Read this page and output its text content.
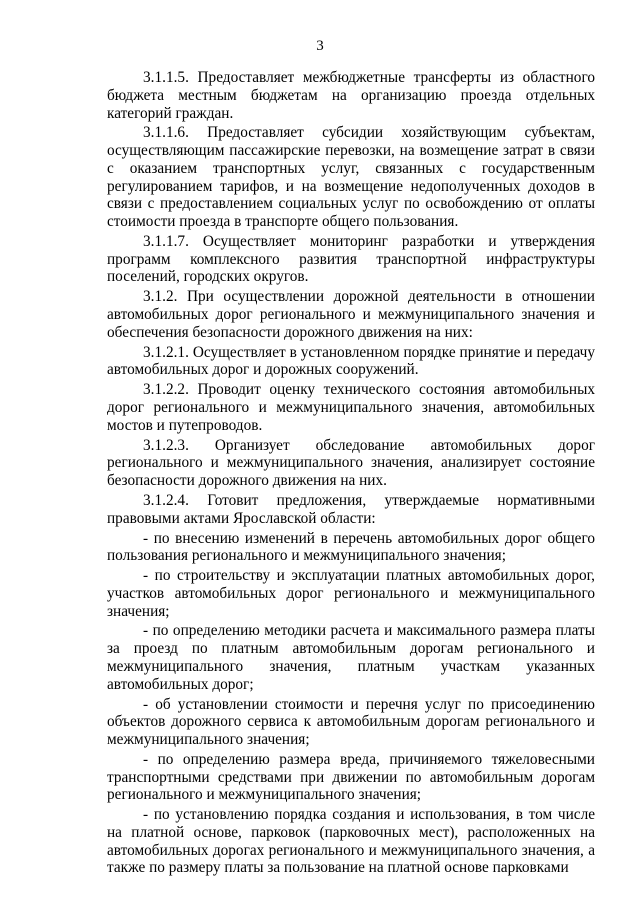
3

3.1.1.5. Предоставляет межбюджетные трансферты из областного бюджета местным бюджетам на организацию проезда отдельных категорий граждан.

3.1.1.6. Предоставляет субсидии хозяйствующим субъектам, осуществляющим пассажирские перевозки, на возмещение затрат в связи с оказанием транспортных услуг, связанных с государственным регулированием тарифов, и на возмещение недополученных доходов в связи с предоставлением социальных услуг по освобождению от оплаты стоимости проезда в транспорте общего пользования.

3.1.1.7. Осуществляет мониторинг разработки и утверждения программ комплексного развития транспортной инфраструктуры поселений, городских округов.

3.1.2. При осуществлении дорожной деятельности в отношении автомобильных дорог регионального и межмуниципального значения и обеспечения безопасности дорожного движения на них:

3.1.2.1. Осуществляет в установленном порядке принятие и передачу автомобильных дорог и дорожных сооружений.

3.1.2.2. Проводит оценку технического состояния автомобильных дорог регионального и межмуниципального значения, автомобильных мостов и путепроводов.

3.1.2.3. Организует обследование автомобильных дорог регионального и межмуниципального значения, анализирует состояние безопасности дорожного движения на них.

3.1.2.4. Готовит предложения, утверждаемые нормативными правовыми актами Ярославской области:

- по внесению изменений в перечень автомобильных дорог общего пользования регионального и межмуниципального значения;

- по строительству и эксплуатации платных автомобильных дорог, участков автомобильных дорог регионального и межмуниципального значения;

- по определению методики расчета и максимального размера платы за проезд по платным автомобильным дорогам регионального и межмуниципального значения, платным участкам указанных автомобильных дорог;

- об установлении стоимости и перечня услуг по присоединению объектов дорожного сервиса к автомобильным дорогам регионального и межмуниципального значения;

- по определению размера вреда, причиняемого тяжеловесными транспортными средствами при движении по автомобильным дорогам регионального и межмуниципального значения;

- по установлению порядка создания и использования, в том числе на платной основе, парковок (парковочных мест), расположенных на автомобильных дорогах регионального и межмуниципального значения, а также по размеру платы за пользование на платной основе парковками
